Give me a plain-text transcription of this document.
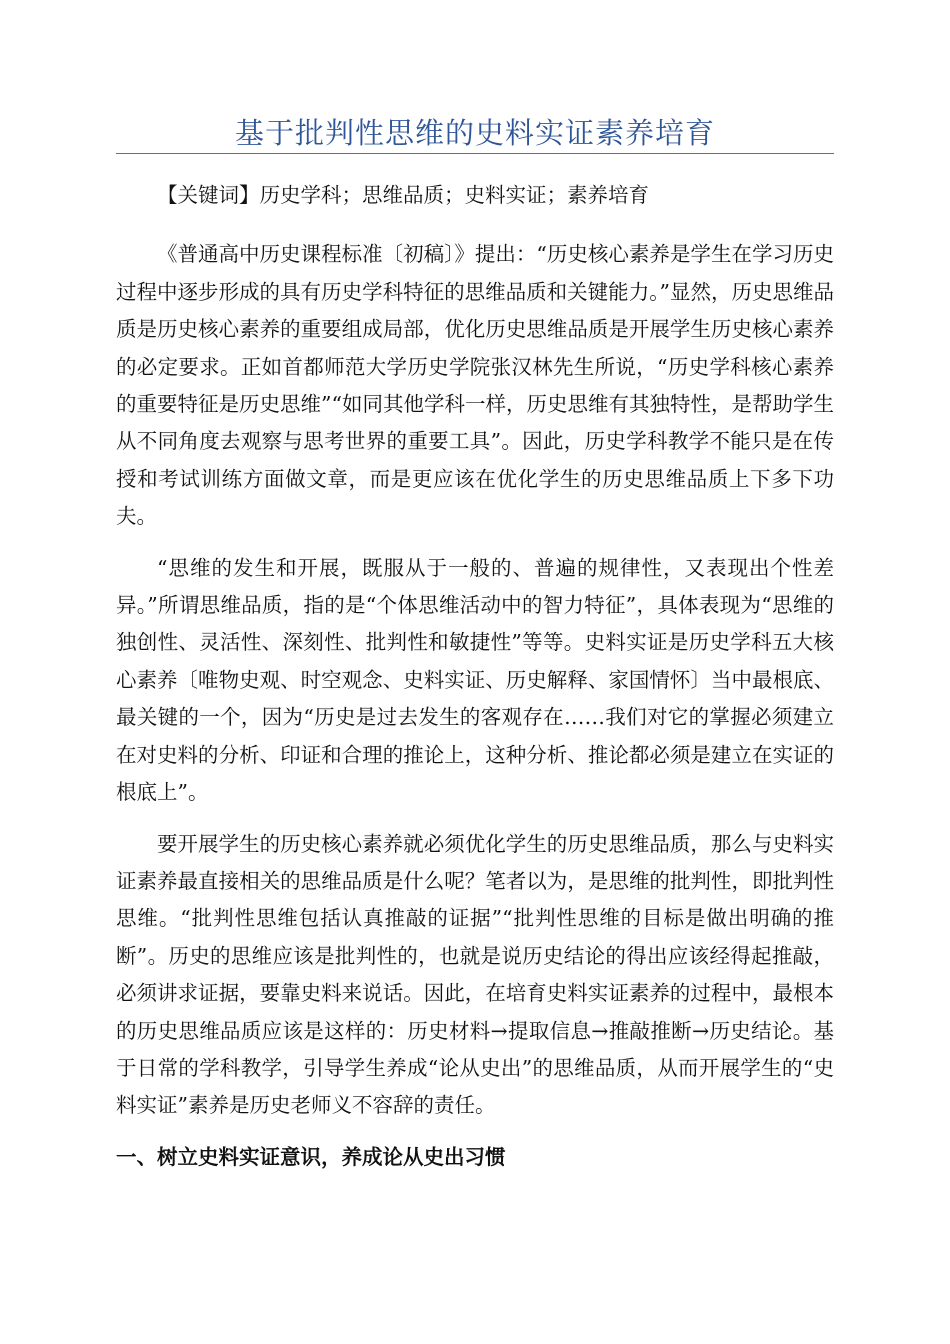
基于批判性思维的史料实证素养培育

【关键词】历史学科；思维品质；史料实证；素养培育

《普通高中历史课程标准〔初稿〕》提出：“历史核心素养是学生在学习历史过程中逐步形成的具有历史学科特征的思维品质和关键能力。”显然，历史思维品质是历史核心素养的重要组成局部，优化历史思维品质是开展学生历史核心素养的必定要求。正如首都师范大学历史学院张汉林先生所说，“历史学科核心素养的重要特征是历史思维”“如同其他学科一样，历史思维有其独特性，是帮助学生从不同角度去观察与思考世界的重要工具”。因此，历史学科教学不能只是在传授和考试训练方面做文章，而是更应该在优化学生的历史思维品质上下多下功夫。

“思维的发生和开展，既服从于一般的、普遍的规律性，又表现出个性差异。”所谓思维品质，指的是“个体思维活动中的智力特征”，具体表现为“思维的独创性、灵活性、深刻性、批判性和敏捷性”等等。史料实证是历史学科五大核心素养〔唯物史观、时空观念、史料实证、历史解释、家国情怀〕当中最根底、最关键的一个，因为“历史是过去发生的客观存在……我们对它的掌握必须建立在对史料的分析、印证和合理的推论上，这种分析、推论都必须是建立在实证的根底上”。

要开展学生的历史核心素养就必须优化学生的历史思维品质，那么与史料实证素养最直接相关的思维品质是什么呢？笔者以为，是思维的批判性，即批判性思维。“批判性思维包括认真推敲的证据”“批判性思维的目标是做出明确的推断”。历史的思维应该是批判性的，也就是说历史结论的得出应该经得起推敲，必须讲求证据，要靠史料来说话。因此，在培育史料实证素养的过程中，最根本的历史思维品质应该是这样的：历史材料→提取信息→推敲推断→历史结论。基于日常的学科教学，引导学生养成“论从史出”的思维品质，从而开展学生的“史料实证”素养是历史老师义不容辞的责任。

一、树立史料实证意识，养成论从史出习惯
